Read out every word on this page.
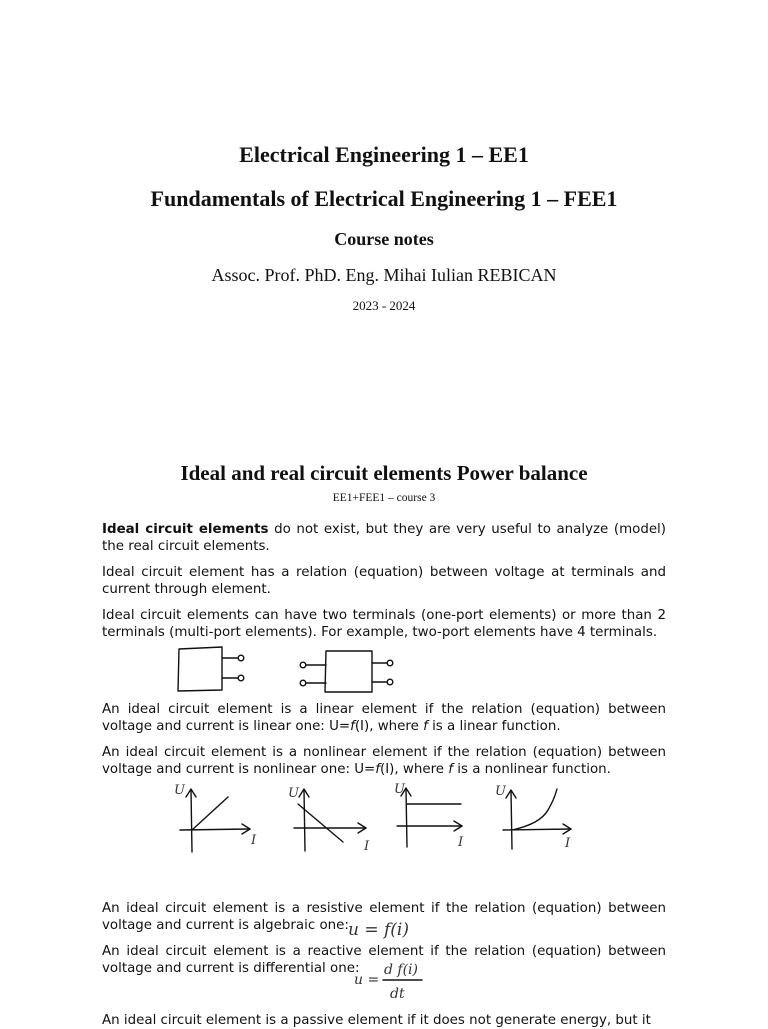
Electrical Engineering 1 – EE1
Fundamentals of Electrical Engineering 1 – FEE1
Course notes
Assoc. Prof. PhD. Eng. Mihai Iulian REBICAN
2023 - 2024
Ideal and real circuit elements Power balance
EE1+FEE1 – course 3

Ideal circuit elements do not exist, but they are very useful to analyze (model) the real circuit elements.

Ideal circuit element has a relation (equation) between voltage at terminals and current through element.

Ideal circuit elements can have two terminals (one-port elements) or more than 2 terminals (multi-port elements). For example, two-port elements have 4 terminals.

An ideal circuit element is a linear element if the relation (equation) between voltage and current is linear one: U=f(I), where f is a linear function.

An ideal circuit element is a nonlinear element if the relation (equation) between voltage and current is nonlinear one: U=f(I), where f is a nonlinear function.

U
I
U
I
U
I
U
I

An ideal circuit element is a resistive element if the relation (equation) between voltage and current is algebraic one:

An ideal circuit element is a reactive element if the relation (equation) between voltage and current is differential one:

u = f(i)
u =
d f(i)
dt

An ideal circuit element is a passive element if it does not generate energy, but it
